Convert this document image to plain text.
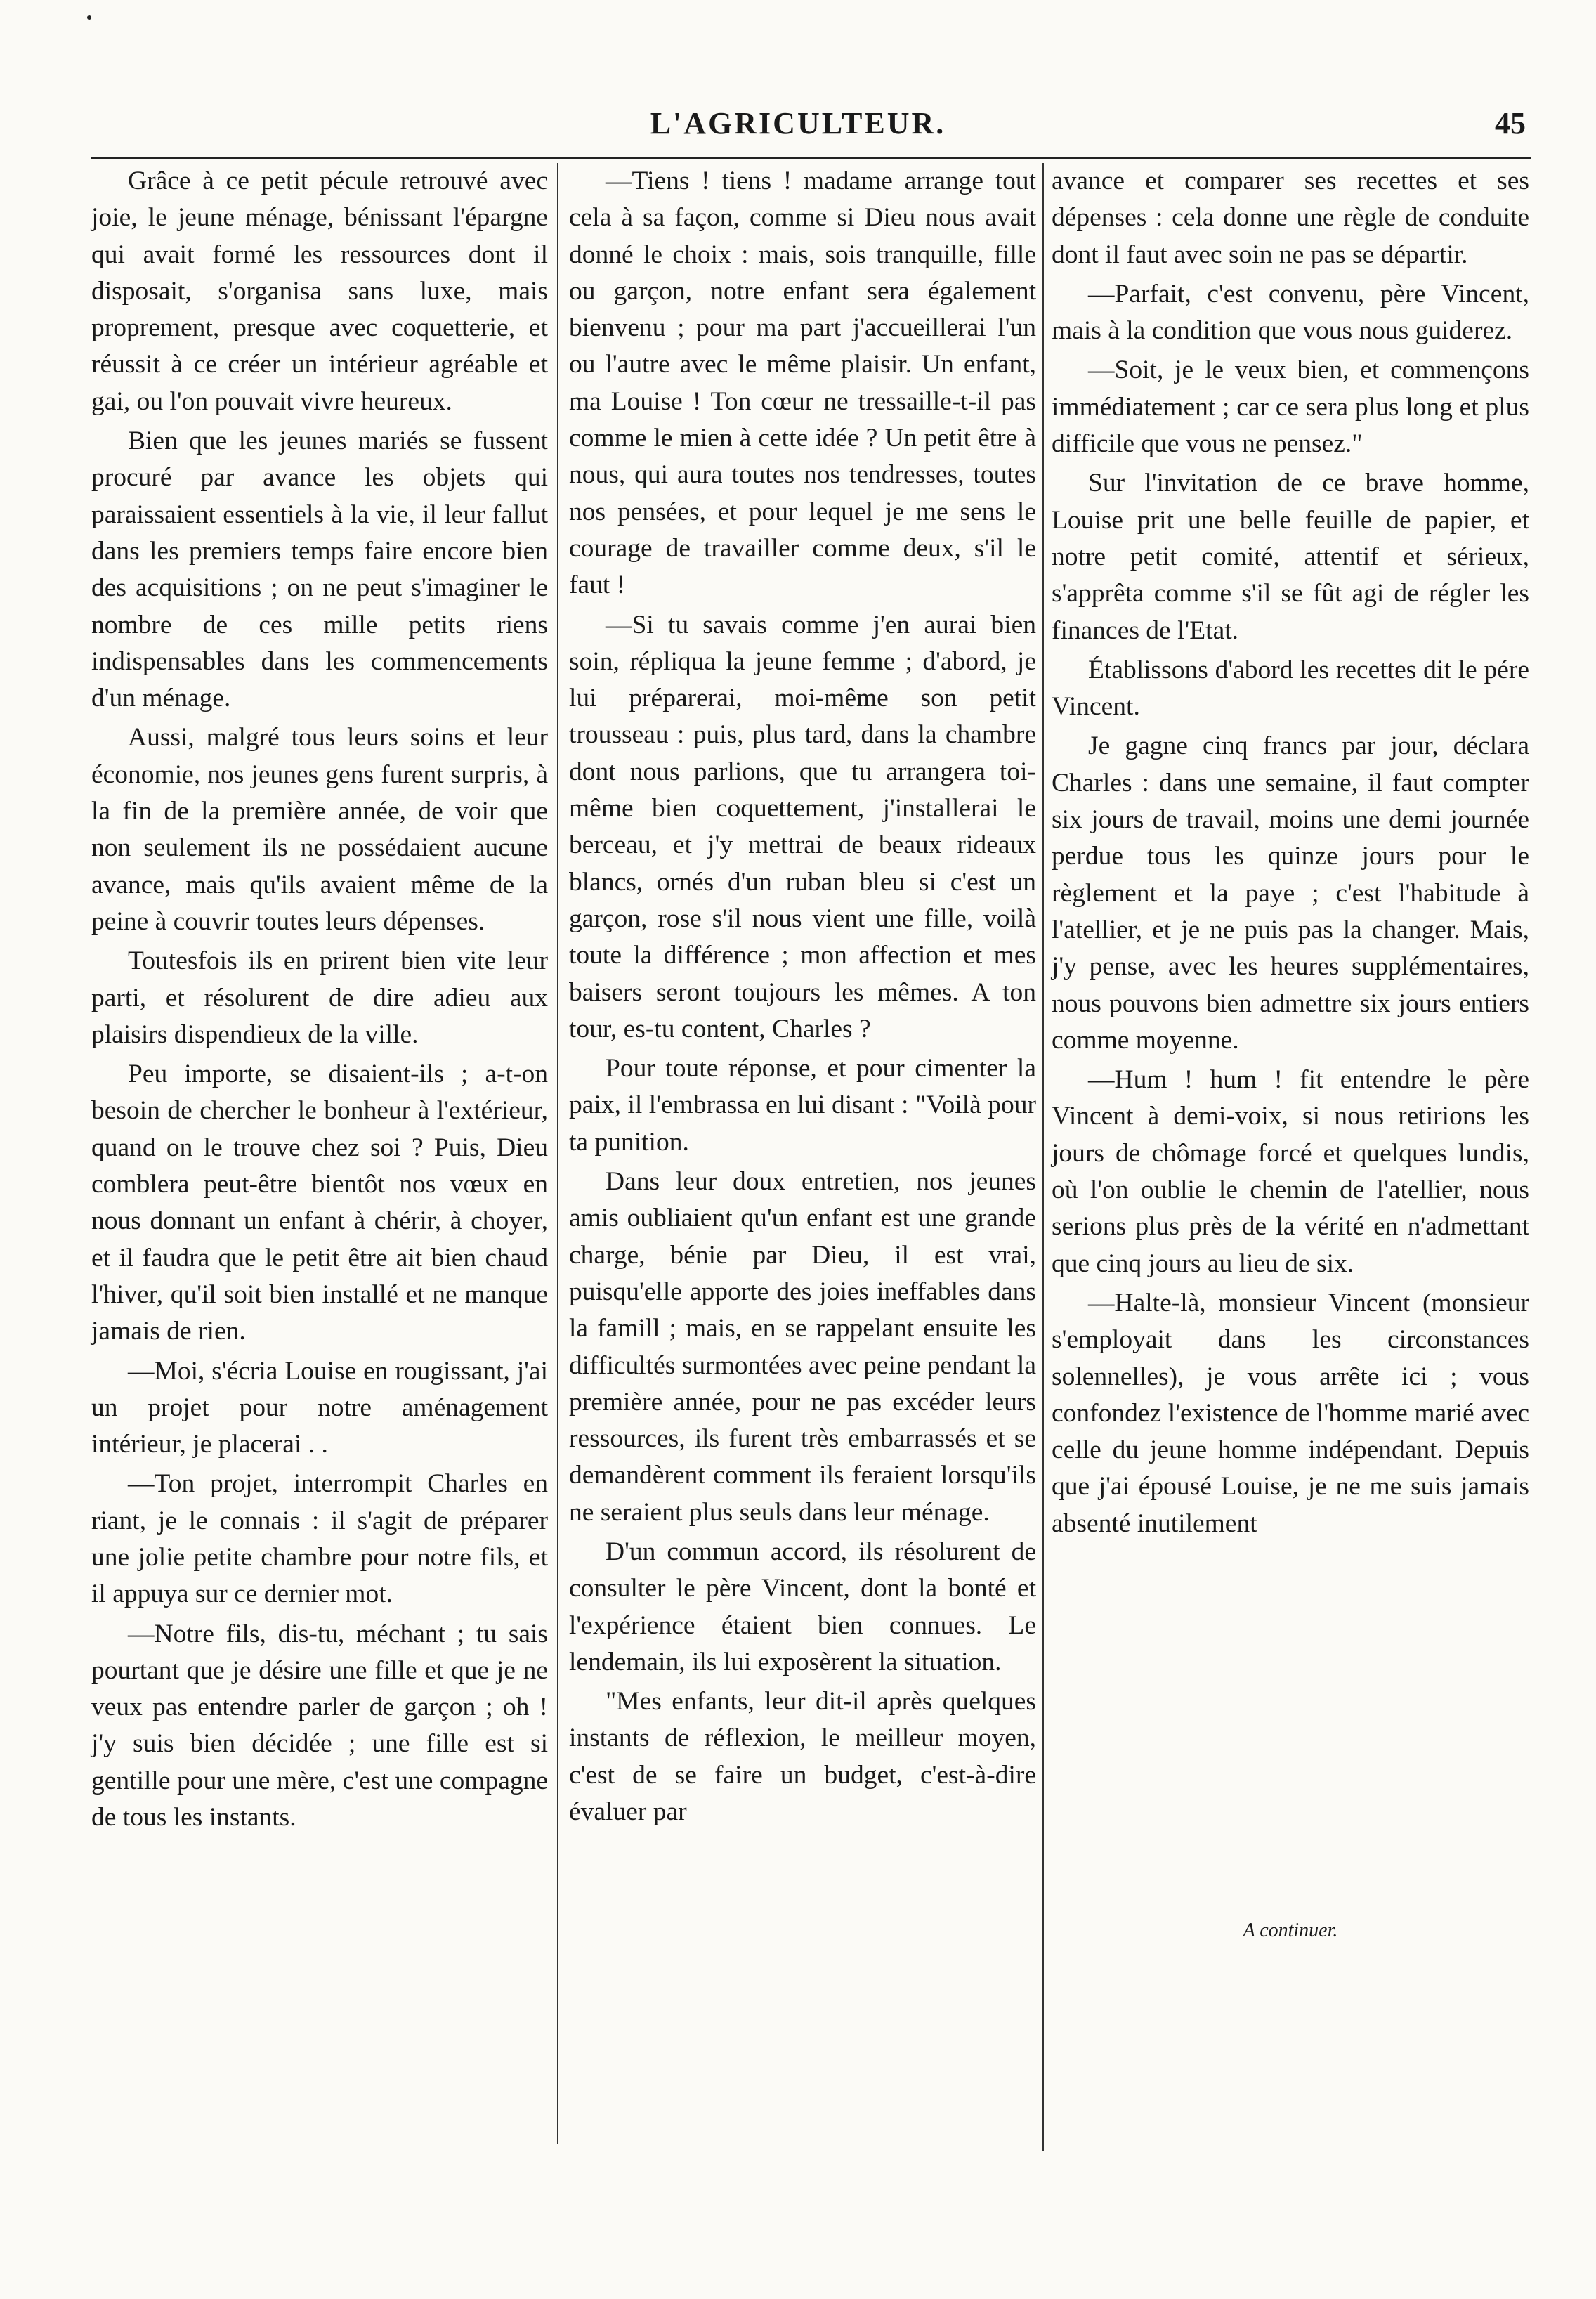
L'AGRICULTEUR.	45

Grâce à ce petit pécule retrouvé avec joie, le jeune ménage, bénissant l'épargne qui avait formé les ressources dont il disposait, s'organisa sans luxe, mais proprement, presque avec coquetterie, et réussit à ce créer un intérieur agréable et gai, ou l'on pouvait vivre heureux.

Bien que les jeunes mariés se fussent procuré par avance les objets qui paraissaient essentiels à la vie, il leur fallut dans les premiers temps faire encore bien des acquisitions ; on ne peut s'imaginer le nombre de ces mille petits riens indispensables dans les commencements d'un ménage.

Aussi, malgré tous leurs soins et leur économie, nos jeunes gens furent surpris, à la fin de la première année, de voir que non seulement ils ne possédaient aucune avance, mais qu'ils avaient même de la peine à couvrir toutes leurs dépenses.

Toutesfois ils en prirent bien vite leur parti, et résolurent de dire adieu aux plaisirs dispendieux de la ville.

Peu importe, se disaient-ils ; a-t-on besoin de chercher le bonheur à l'extérieur, quand on le trouve chez soi ? Puis, Dieu comblera peut-être bientôt nos vœux en nous donnant un enfant à chérir, à choyer, et il faudra que le petit être ait bien chaud l'hiver, qu'il soit bien installé et ne manque jamais de rien.

—Moi, s'écria Louise en rougissant, j'ai un projet pour notre aménagement intérieur, je placerai . .

—Ton projet, interrompit Charles en riant, je le connais : il s'agit de préparer une jolie petite chambre pour notre fils, et il appuya sur ce dernier mot.

—Notre fils, dis-tu, méchant ; tu sais pourtant que je désire une fille et que je ne veux pas entendre parler de garçon ; oh ! j'y suis bien décidée ; une fille est si gentille pour une mère, c'est une compagne de tous les instants.

—Tiens ! tiens ! madame arrange tout cela à sa façon, comme si Dieu nous avait donné le choix : mais, sois tranquille, fille ou garçon, notre enfant sera également bienvenu ; pour ma part j'accueillerai l'un ou l'autre avec le même plaisir. Un enfant, ma Louise ! Ton cœur ne tressaille-t-il pas comme le mien à cette idée ? Un petit être à nous, qui aura toutes nos tendresses, toutes nos pensées, et pour lequel je me sens le courage de travailler comme deux, s'il le faut !

—Si tu savais comme j'en aurai bien soin, répliqua la jeune femme ; d'abord, je lui préparerai, moi-même son petit trousseau : puis, plus tard, dans la chambre dont nous parlions, que tu arrangera toi-même bien coquettement, j'installerai le berceau, et j'y mettrai de beaux rideaux blancs, ornés d'un ruban bleu si c'est un garçon, rose s'il nous vient une fille, voilà toute la différence ; mon affection et mes baisers seront toujours les mêmes. A ton tour, es-tu content, Charles ?

Pour toute réponse, et pour cimenter la paix, il l'embrassa en lui disant : "Voilà pour ta punition.

Dans leur doux entretien, nos jeunes amis oubliaient qu'un enfant est une grande charge, bénie par Dieu, il est vrai, puisqu'elle apporte des joies ineffables dans la famill ; mais, en se rappelant ensuite les difficultés surmontées avec peine pendant la première année, pour ne pas excéder leurs ressources, ils furent très embarrassés et se demandèrent comment ils feraient lorsqu'ils ne seraient plus seuls dans leur ménage.

D'un commun accord, ils résolurent de consulter le père Vincent, dont la bonté et l'expérience étaient bien connues. Le lendemain, ils lui exposèrent la situation.

"Mes enfants, leur dit-il après quelques instants de réflexion, le meilleur moyen, c'est de se faire un budget, c'est-à-dire évaluer par

avance et comparer ses recettes et ses dépenses : cela donne une règle de conduite dont il faut avec soin ne pas se départir.

—Parfait, c'est convenu, père Vincent, mais à la condition que vous nous guiderez.

—Soit, je le veux bien, et commençons immédiatement ; car ce sera plus long et plus difficile que vous ne pensez."

Sur l'invitation de ce brave homme, Louise prit une belle feuille de papier, et notre petit comité, attentif et sérieux, s'apprêta comme s'il se fût agi de régler les finances de l'Etat.

Établissons d'abord les recettes dit le pére Vincent.

Je gagne cinq francs par jour, déclara Charles : dans une semaine, il faut compter six jours de travail, moins une demi journée perdue tous les quinze jours pour le règlement et la paye ; c'est l'habitude à l'atellier, et je ne puis pas la changer. Mais, j'y pense, avec les heures supplémentaires, nous pouvons bien admettre six jours entiers comme moyenne.

—Hum ! hum ! fit entendre le père Vincent à demi-voix, si nous retirions les jours de chômage forcé et quelques lundis, où l'on oublie le chemin de l'atellier, nous serions plus près de la vérité en n'admettant que cinq jours au lieu de six.

—Halte-là, monsieur Vincent (monsieur s'employait dans les circonstances solennelles), je vous arrête ici ; vous confondez l'existence de l'homme marié avec celle du jeune homme indépendant. Depuis que j'ai épousé Louise, je ne me suis jamais absenté inutilement

A continuer.
